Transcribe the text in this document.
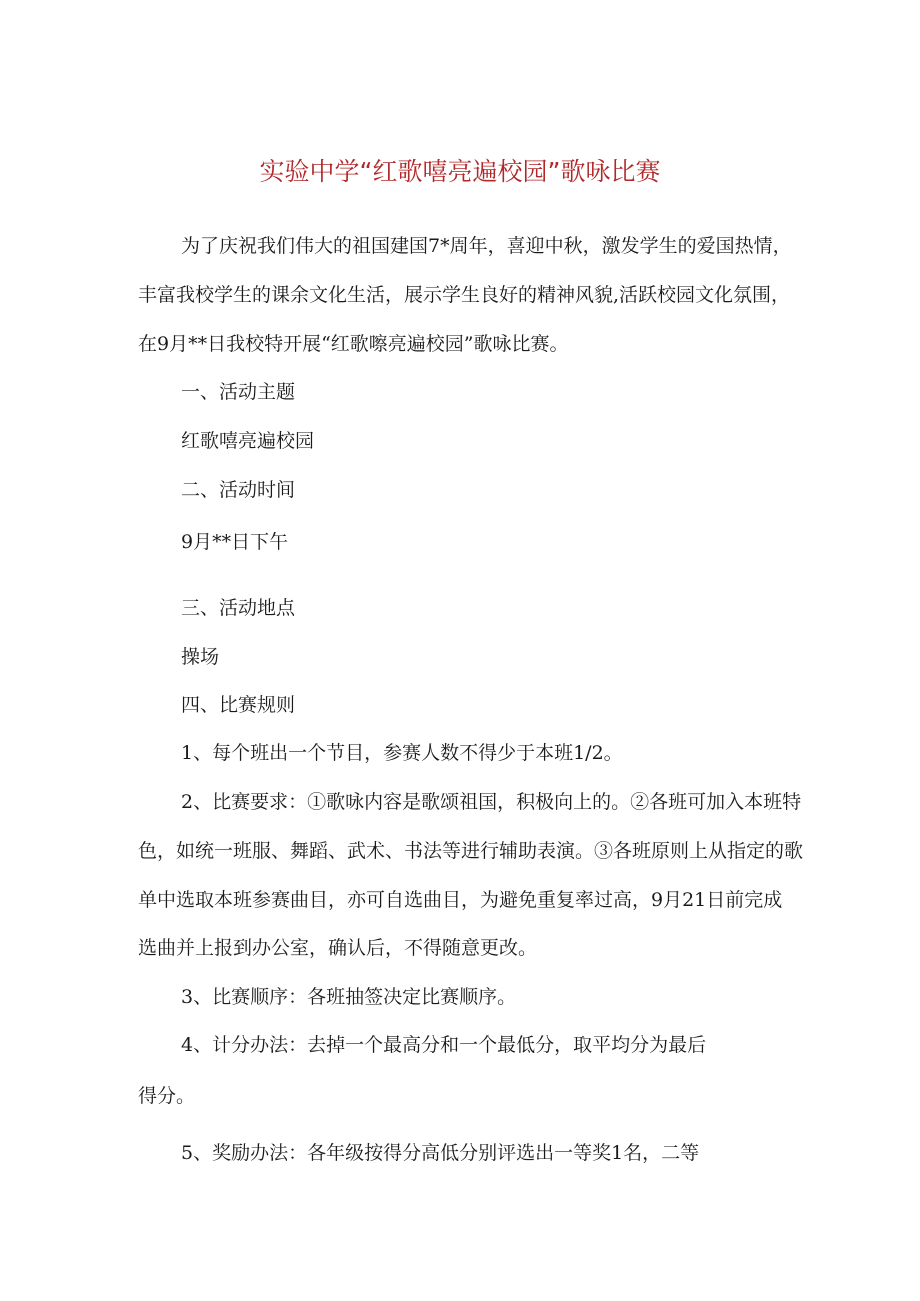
实验中学“红歌嘻亮遍校园”歌咏比赛
为了庆祝我们伟大的祖国建国7*周年，喜迎中秋，激发学生的爱国热情，
丰富我校学生的课余文化生活，展示学生良好的精神风貌,活跃校园文化氛围，
在9月**日我校特开展“红歌嚓亮遍校园”歌咏比赛。
一、活动主题
红歌嘻亮遍校园
二、活动时间
9月**日下午
三、活动地点
操场
四、比赛规则
1、每个班出一个节目，参赛人数不得少于本班1/2。
2、比赛要求：①歌咏内容是歌颂祖国，积极向上的。②各班可加入本班特
色，如统一班服、舞蹈、武术、书法等进行辅助表演。③各班原则上从指定的歌
单中选取本班参赛曲目，亦可自选曲目，为避免重复率过高，9月21日前完成
选曲并上报到办公室，确认后，不得随意更改。
3、比赛顺序：各班抽签决定比赛顺序。
4、计分办法：去掉一个最高分和一个最低分，取平均分为最后
得分。
5、奖励办法：各年级按得分高低分别评选出一等奖1名，二等
